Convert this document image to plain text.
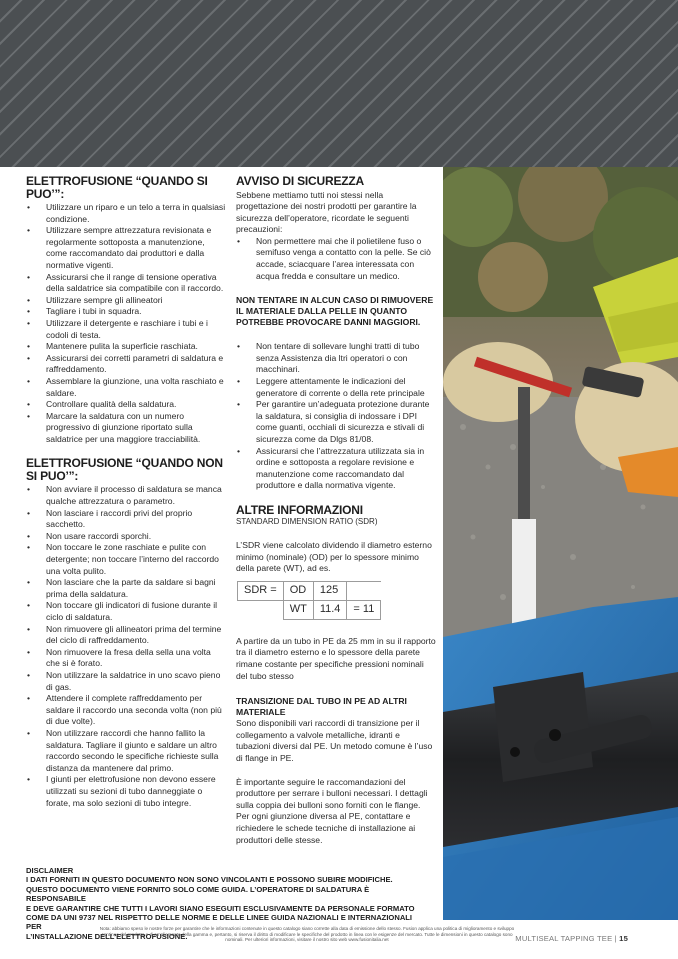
ELETTROFUSIONE “QUANDO SI PUO’”:
• Utilizzare un riparo e un telo a terra in qualsiasi condizione.
• Utilizzare sempre attrezzatura revisionata e regolarmente sottoposta a manutenzione, come raccomandato dai produttori e dalla normative vigenti.
• Assicurarsi che il range di tensione operativa della saldatrice sia compatibile con il raccordo.
• Utilizzare sempre gli allineatori
• Tagliare i tubi in squadra.
• Utilizzare il detergente e raschiare i tubi e i codoli di testa.
• Mantenere pulita la superficie raschiata.
• Assicurarsi dei corretti parametri di saldatura e raffreddamento.
• Assemblare la giunzione, una volta raschiato e saldare.
• Controllare qualità della saldatura.
• Marcare la saldatura con un numero progressivo di giunzione riportato sulla saldatrice per una maggiore tracciabilità.
ELETTROFUSIONE “QUANDO NON SI PUO’”:
• Non avviare il processo di saldatura se manca qualche attrezzatura o parametro.
• Non lasciare i raccordi privi del proprio sacchetto.
• Non usare raccordi sporchi.
• Non toccare le zone raschiate e pulite con detergente; non toccare l’interno del raccordo una volta pulito.
• Non lasciare che la parte da saldare si bagni prima della saldatura.
• Non toccare gli indicatori di fusione durante il ciclo di saldatura.
• Non rimuovere gli allineatori prima del termine del ciclo di raffreddamento.
• Non rimuovere la fresa della sella una volta che si è forato.
• Non utilizzare la saldatrice in uno scavo pieno di gas.
• Attendere il complete raffreddamento per saldare il raccordo una seconda volta (non più di due volte).
• Non utilizzare raccordi che hanno fallito la saldatura. Tagliare il giunto e saldare un altro raccordo secondo le specifiche richieste sulla distanza da mantenere dal primo.
• I giunti per elettrofusione non devono essere utilizzati su sezioni di tubo danneggiate o forate, ma solo sezioni di tubo integre.
AVVISO DI SICUREZZA

Sebbene mettiamo tutti noi stessi nella progettazione dei nostri prodotti per garantire la sicurezza dell’operatore, ricordate le seguenti precauzioni:

• Non permettere mai che il polietilene fuso o semifuso venga a contatto con la pelle. Se ciò accade, sciacquare l’area interessata con acqua fredda e consultare un medico.
NON TENTARE IN ALCUN CASO DI RIMUOVERE IL MATERIALE DALLA PELLE IN QUANTO POTREBBE PROVOCARE DANNI MAGGIORI.
• Non tentare di sollevare lunghi tratti di tubo senza Assistenza dia ltri operatori o con macchinari.
• Leggere attentamente le indicazioni del generatore di corrente o della rete principale
• Per garantire un’adeguata protezione durante la saldatura, si consiglia di indossare i DPI come guanti, occhiali di sicurezza e stivali di sicurezza come da Dlgs 81/08.
• Assicurarsi che l’attrezzatura utilizzata sia in ordine e sottoposta a regolare revisione e manutenzione come raccomandato dal produttore e dalla normativa vigente.
ALTRE INFORMAZIONI

STANDARD DIMENSION RATIO (SDR)

L’SDR viene calcolato dividendo il diametro esterno minimo (nominale) (OD) per lo spessore minimo della parete (WT), ad es.

SDR =	OD	125	
	WT	11.4	= 11

A partire da un tubo in PE da 25 mm in su il rapporto tra il diametro esterno e lo spessore della parete rimane costante per specifiche pressioni nominali del tubo stesso

TRANSIZIONE DAL TUBO IN PE AD ALTRI MATERIALE

Sono disponibili vari raccordi di transizione per il collegamento a valvole metalliche, idranti e tubazioni diversi dal PE. Un metodo comune è l’uso di flange in PE.

È importante seguire le raccomandazioni del produttore per serrare i bulloni necessari. I dettagli sulla coppia dei bulloni sono forniti con le flange. Per ogni giunzione diversa al PE, contattare e richiedere le schede tecniche di installazione ai produttori delle stesse.

DISCLAIMER
I DATI FORNITI IN QUESTO DOCUMENTO NON SONO VINCOLANTI E POSSONO SUBIRE MODIFICHE.
QUESTO DOCUMENTO VIENE FORNITO SOLO COME GUIDA. L’OPERATORE DI SALDATURA È RESPONSABILE
E DEVE GARANTIRE CHE TUTTI I LAVORI SIANO ESEGUITI ESCLUSIVAMENTE DA PERSONALE FORMATO
COME DA UNI 9737 NEL RISPETTO DELLE NORME E DELLE LINEE GUIDA NAZIONALI E INTERNAZIONALI PER
L’INSTALLAZIONE DELL’ELETTROFUSIONE.
Nota: abbiamo speso le nostre forze per garantire che le informazioni contenute in questo catalogo siano corrette alla data di emissione dello stesso. Fusion applica una politica di miglioramento e sviluppo continuo del prodotto e di ampliamento della gamma e, pertanto, si riserva il diritto di modificare le specifiche del prodotto in linea con le esigenze del mercato. Tutte le dimensioni in questo catalogo sono nominali. Per ulteriori informazioni, visitare il nostro sito web www.fusionitalia.net	MULTISEAL TAPPING TEE | 15
